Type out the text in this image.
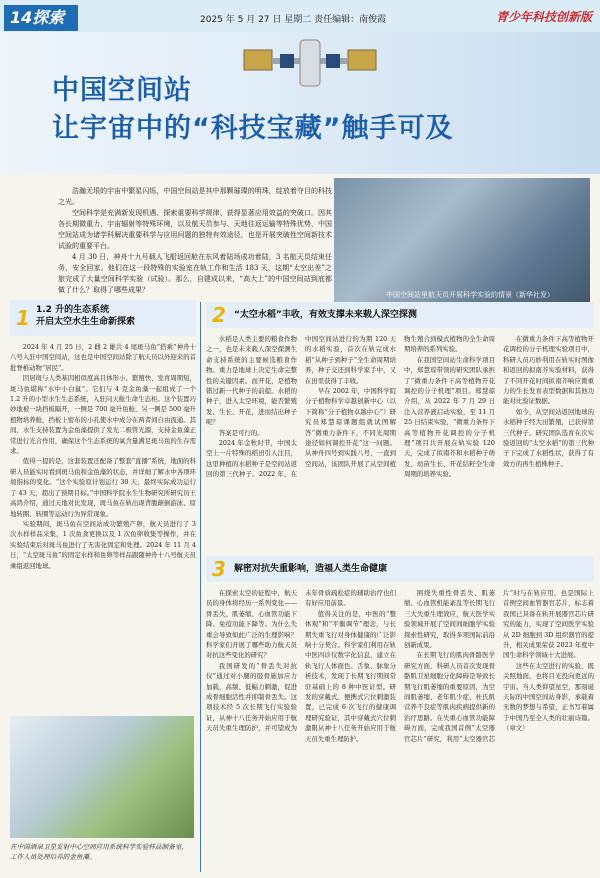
14探索	2025 年 5 月 27 日 星期二 责任编辑：南俊霞	青少年科技创新版
中国空间站
让宇宙中的“科技宝藏”触手可及

浩瀚无垠的宇宙中繁星闪烁，中国空间站是其中那颗璀璨的明珠，绽放着夺目的科技之光。

空间科学是充满新发现机遇、探索重要科学规律、获得显著应用效益的突破口。因其各长期微重力、宇宙辐射等特殊环境，以及航天员参与、天地往返运输等特殊优势，中国空间站成为诸学科解决重要科学与应用问题的独特有效途径，也是开展突破性空间新技术试验的重要平台。

4 月 30 日，神舟十九号载人飞船返回舱在东风着陆场成功着陆，3 名航天员结束任务，安全回家。他们在这一段特殊的实验室在轨工作和生活 183 天，这期“太空出差”之旅完成了大量空间科学实验（试验）。那么，自建成以来，“高大上”的中国空间站到底都做了什么？取得了哪些成果？

中国空间站里航天员开展科学实验的情景（新华社发）
1 1.2 升的生态系统
开启太空水生生命新探索

2024 年 4 月 25 日，2 雌 2 雄共 4 尾斑马鱼“搭乘”神舟十八号入驻中国空间站，这也是中国空间站除了航天员以外迎来的首批脊椎动物“居民”。

因居斑与人类基因相似度高且体形小、繁殖快、发育周期短，斑马鱼堪称“水中小白鼠”。它们与 4 克金鱼藻一起组成了一个 1.2 升的小型水生生态系统，入驻问天舱生命生态柜。这个装置巧妙地被一块挡板隔开，一侧是 700 毫升鱼舱，另一侧是 500 毫升植物培养舱，挡板上密布的小孔使水中成分在两者间自由流通。其间，水生支持装置为金鱼藻提供了发光二极管光源，支持金鱼藻正常进行光合作用，确保这个生态系统的氧含量满足斑马鱼的生存需求。

值得一提的是，这套装置还配备了整套“直播”系统，地面的科研人员能实时看到斑马鱼和金鱼藻的状态，并详细了解水中各项环境指标的变化。“这个实验原计划运行 30 天，最终实际成功运行了 43 天，超出了预期目标。”中国科学院水生生物研究所研究员王高鸿介绍，通过天地对比发现，斑马鱼在轨出现背腹颠倒游泳、原地转圈、转圈等运动行为异常现象。

实验期间，斑马鱼在空间站成功繁殖产卵，航天员进行了 3 次水样样品采集，1 次鱼食更换以及 1 次鱼卵收集等操作，并在实验结束后对斑马鱼进行了无害化固定和处理。2024 年 11 月 4 日，“太空斑马鱼”的固定水样和鱼卵等样品跟随神舟十八号航天员乘组返回地球。

在中国酒泉卫星发射中心空间应用系统科学实验样品制备室，工作人员处理培养的金鱼藻。
2 “太空水稻”丰收，有效支撑未来载人深空探测

水稻是人类主要的粮食作物之一，也是未来载人深空探测生命支持系统的主要候选粮食作物。重力是地球上决定生命完整性的关键因素。而开花，是植物错过新一代种子的前提。水稻的种子，进入太空环境，能否繁殖发、生长、开花，进而结出种子呢？

答案是可行的。

2024 年金秋时节，中国太空上一片特殊的稻田引人注目，这里种植的水稻种子是空间站返回的第三代种子。2022 年，在中国空间站进行的为期 120 天的水稻实验，首次在轨完成水稻“从种子到种子”全生命周期培养，种子交还到科学家手中，又在田里获得了丰收。

早在 2002 年，中国科学院分子植物科学卓越创新中心（以下简称“分子植物卓越中心”）研究员郑慧琼课题组就试图解答“微重力条件下，不同光周期途径如何调控开花”这一问题。从神舟四号到实践八号，一直到空间站，该团队开展了从空间植物生殖合到模式植物的全生命周期培养的系列实验。

在我国空间站生命科学项目中，郑慧琼带领的研究团队承担了“微重力条件下高等植物开花调控的分子机理”项目。郑慧琼介绍，从 2022 年 7 月 29 日注入营养液启动实验，至 11 月 25 日结束实验，“微重力条件下高等植物开花调控的分子机理”项目共开展在轨实验 120 天，完成了拟南芥和水稻种子萌发、幼苗生长、开花结籽全生命周期的培养实验。

在微重力条件下高等植物开花调控的分子机理实验项目中，科研人员巧妙利用在轨实时图像和返回的拟南芥实验材料，获得了不同开花时间拟南芥响应微重力的生长发育表型数据和其他功能对比验证数据。

如今，从空间站返回地球的水稻种子经大田繁殖，已获得第三代种子。研究团队选育在次实验返回的“太空水稻”的第三代种子下完成了水稻性状，获得了有效方的再生植株种子。

3 解密对抗失重影响，造福人类生命健康

在探索太空的征程中，航天员的身体将经历一系列变化——骨丢失、肌萎缩、心血管功能下降、免疫功能下降等。为什么失重会导致如此广泛的生理影响？科学家们开展了哪些助力航天员对抗这些变化的研究？

我国研发的“骨丢失对抗仪”通过对小腿的胫骨施加应力加载，高频、低幅力刺激，促进成骨细胞活性并抑制骨丢失。这项技术经 5 次长期飞行实验验证，从神十八任务开始应用于航天员失重生理防护，并可望成为未年骨质疏松症的辅助治疗也们有好应用前景。

值得关注的是，中医的“整体观”和“平衡调节”理念，与长期失重飞行对身体健康的广泛影响十分契合。科学家们利用在轨中医四诊仪数字化信息，建立在轨飞行人体面色、舌象、脉象分析技术，发现了长期飞行期间常驻基础上的 8 种中医证型。研发的穿戴式、便携式穴位刺激装置，已完成 6 次飞行的健康调理研究验证，其中穿戴式穴位刺激限从神十八任务开始应用于航天员失重生理防护。

围绕失重性骨丢失、肌萎缩、心血管机能紊乱等长期飞行三大失重生理效应，航天医学实验领域开展了空间间细胞学实验探索性研究，取得多项国际前沿创新成果。

在长期飞行的肌肉骨骼医学研究方面，科研人员首次发现骨骼肌卫星细胞分化障碍是导致长期飞行肌萎缩的重要原因，为空间肌萎缩、老年肌少症、杜氏肌营养不良症等肌肉疾病提供新的治疗思路。在失重心血管功能障碍方面，完成我国首例“太空器官芯片”研究，利用“太空器官芯片”时与在轨应用，也是国际上首例空间血管器官芯片，标志着我国已具备在轨开展器官芯片研究的能力，实现了空间医学实验从 2D 细胞到 3D 组织器官的提升，相关成果荣获 2023 年度中国生命科学领域十大进展。

这些在太空进行的实验，既关照地面，也将目光投向更远的宇宙。当人类仰望星空，那刻诞天际的中国空间站身影，承载着无数的梦想与希望，正书写着属于中国乃至全人类的壮丽诗篇。（章文）
